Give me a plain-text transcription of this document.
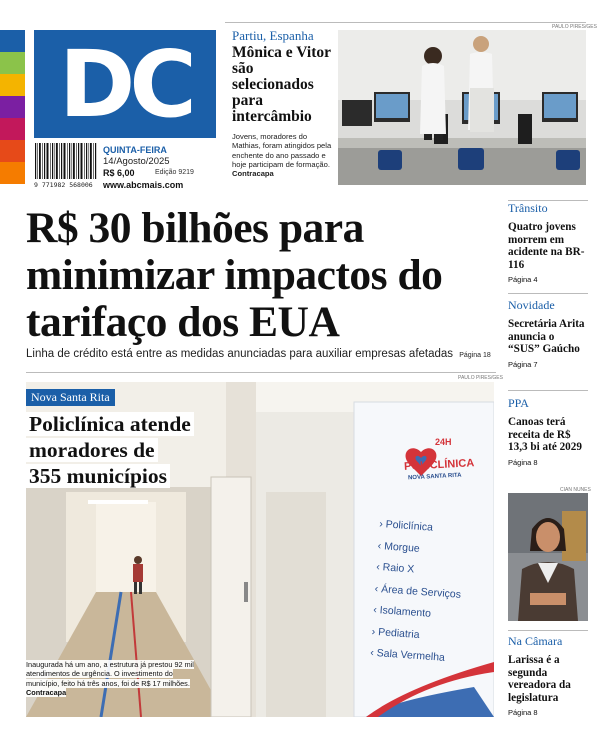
DC
9 771982 568006
QUINTA-FEIRA
14/Agosto/2025
R$ 6,00	Edição 9219
www.abcmais.com
PAULO PIRES/GES
Partiu, Espanha
Mônica e Vitor são selecionados para intercâmbio
Jovens, moradores do Mathias, foram atingidos pela enchente do ano passado e hoje participam de formação. Contracapa
R$ 30 bilhões para minimizar impactos do tarifaço dos EUA
Linha de crédito está entre as medidas anunciadas para auxiliar empresas afetadas Página 18
PAULO PIRES/GES
24H
POLICLÍNICA
NOVA SANTA RITA
› Policlínica
‹ Morgue
‹ Raio X
‹ Área de Serviços
‹ Isolamento
› Pediatria
‹ Sala Vermelha
Nova Santa Rita
Policlínica atende
moradores de
355 municípios
Inaugurada há um ano, a estrutura já prestou 92 mil atendimentos de urgência. O investimento do município, feito há três anos, foi de R$ 17 milhões. Contracapa
Trânsito
Quatro jovens morrem em acidente na BR-116
Página 4
Novidade
Secretária Arita anuncia o “SUS” Gaúcho
Página 7
PPA
Canoas terá receita de R$ 13,3 bi até 2029
Página 8
CIAN NUNES
Na Câmara
Larissa é a segunda vereadora da legislatura
Página 8
